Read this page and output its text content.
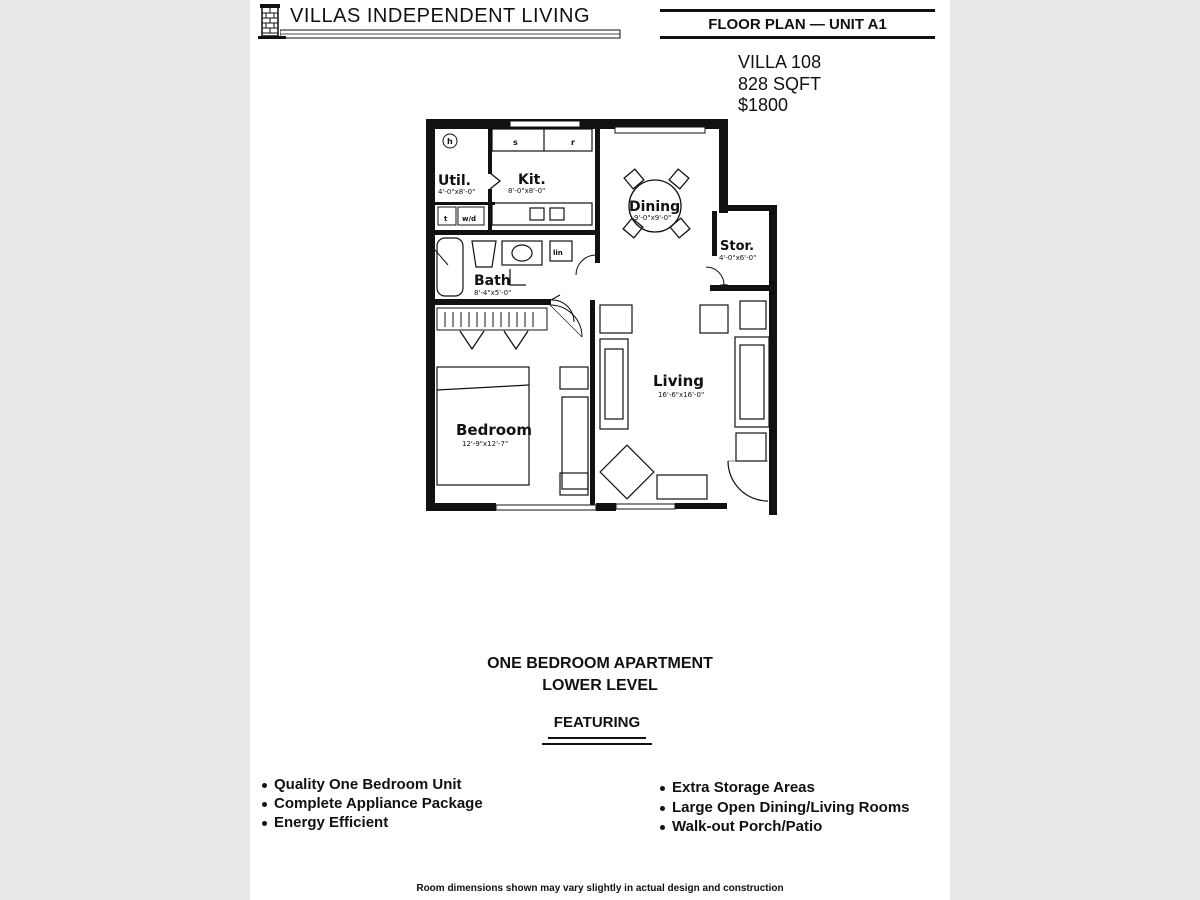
VILLAS INDEPENDENT LIVING	FLOOR PLAN — UNIT A1
VILLA 108
828 SQFT
$1800
h	s	r
t w/d
lin
Util.
4'-0"x8'-0"
Kit.
8'-0"x8'-0"
Dining
9'-0"x9'-0"
Stor.
4'-0"x6'-0"
Bath
8'-4"x5'-0"
Living
16'-6"x16'-0"
Bedroom
12'-9"x12'-7"
ONE BEDROOM APARTMENT
LOWER LEVEL
FEATURING
Quality One Bedroom Unit
Complete Appliance Package
Energy Efficient
Extra Storage Areas
Large Open Dining/Living Rooms
Walk-out Porch/Patio
Room dimensions shown may vary slightly in actual design and construction
